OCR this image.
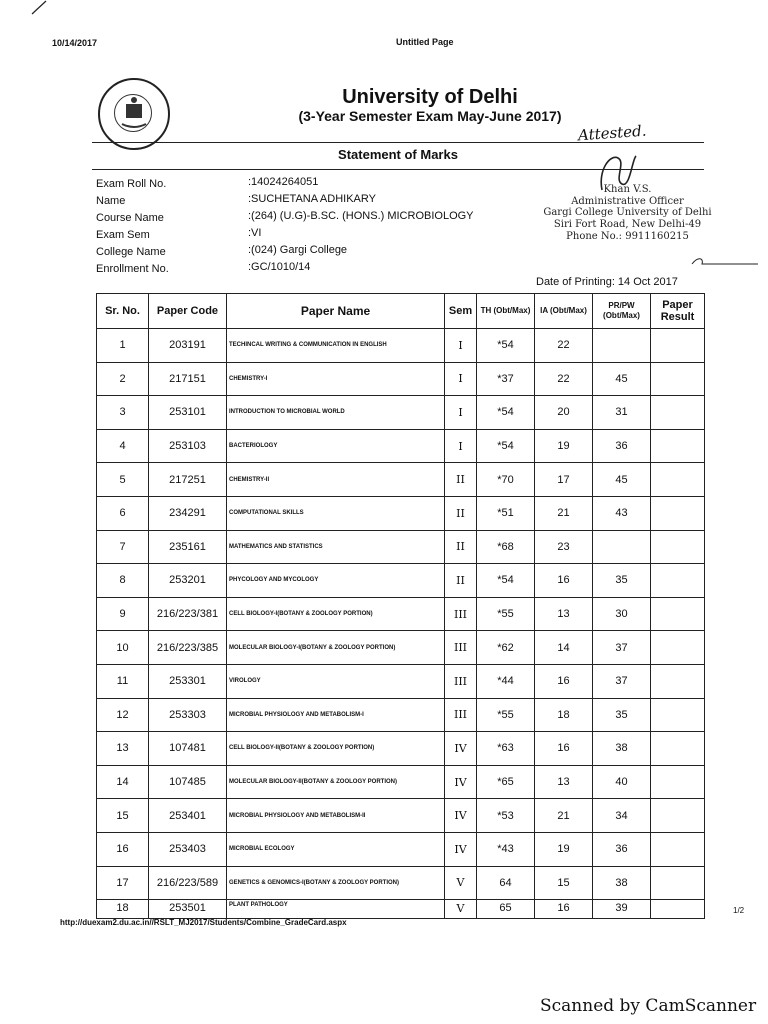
10/14/2017	Untitled Page
University of Delhi
(3-Year Semester Exam May-June 2017)
Attested.
Statement of Marks
Exam Roll No.	:14024264051
Name	:SUCHETANA ADHIKARY
Course Name	:(264) (U.G)-B.SC. (HONS.) MICROBIOLOGY
Exam Sem	:VI
College Name	:(024) Gargi College
Enrollment No.	:GC/1010/14
Khan V.S.
Administrative Officer
Gargi College University of Delhi
Siri Fort Road, New Delhi-49
Phone No.: 9911160215
Date of Printing: 14 Oct 2017
Sr. No.	Paper Code	Paper Name	Sem	TH (Obt/Max)	IA (Obt/Max)	PR/PW (Obt/Max)	Paper Result
1	203191	TECHINCAL WRITING & COMMUNICATION IN ENGLISH	I	*54	22		
2	217151	CHEMISTRY-I	I	*37	22	45	
3	253101	INTRODUCTION TO MICROBIAL WORLD	I	*54	20	31	
4	253103	BACTERIOLOGY	I	*54	19	36	
5	217251	CHEMISTRY-II	II	*70	17	45	
6	234291	COMPUTATIONAL SKILLS	II	*51	21	43	
7	235161	MATHEMATICS AND STATISTICS	II	*68	23		
8	253201	PHYCOLOGY AND MYCOLOGY	II	*54	16	35	
9	216/223/381	CELL BIOLOGY-I(BOTANY & ZOOLOGY PORTION)	III	*55	13	30	
10	216/223/385	MOLECULAR BIOLOGY-I(BOTANY & ZOOLOGY PORTION)	III	*62	14	37	
11	253301	VIROLOGY	III	*44	16	37	
12	253303	MICROBIAL PHYSIOLOGY AND METABOLISM-I	III	*55	18	35	
13	107481	CELL BIOLOGY-II(BOTANY & ZOOLOGY PORTION)	IV	*63	16	38	
14	107485	MOLECULAR BIOLOGY-II(BOTANY & ZOOLOGY PORTION)	IV	*65	13	40	
15	253401	MICROBIAL PHYSIOLOGY AND METABOLISM-II	IV	*53	21	34	
16	253403	MICROBIAL ECOLOGY	IV	*43	19	36	
17	216/223/589	GENETICS & GENOMICS-I(BOTANY & ZOOLOGY PORTION)	V	64	15	38	
18	253501	PLANT PATHOLOGY	V	65	16	39	
http://duexam2.du.ac.in//RSLT_MJ2017/Students/Combine_GradeCard.aspx
1/2
Scanned by CamScanner
